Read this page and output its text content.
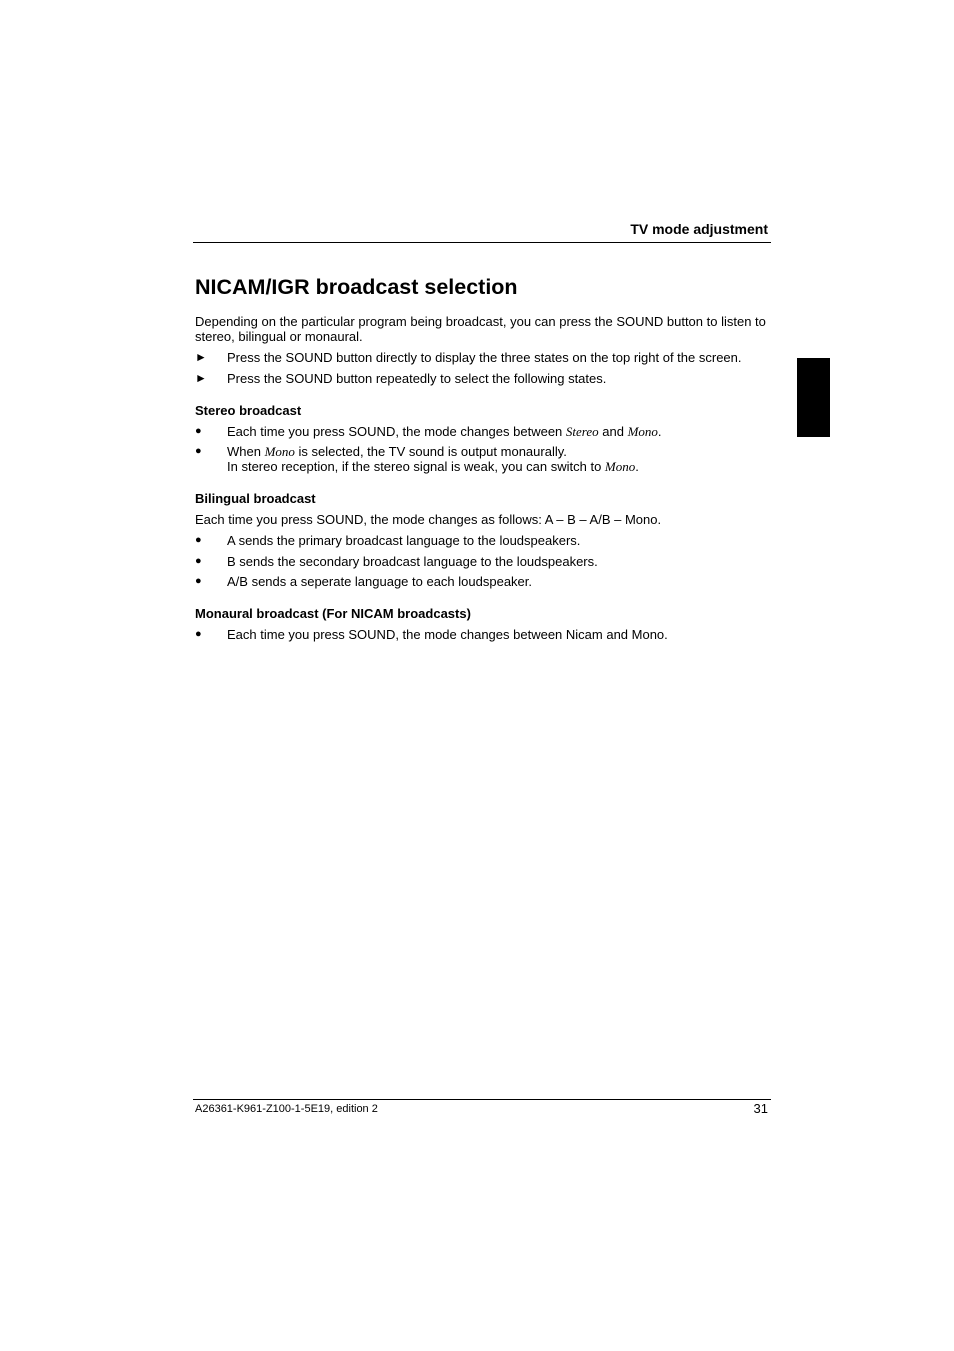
TV mode adjustment
NICAM/IGR broadcast selection

Depending on the particular program being broadcast, you can press the SOUND button to listen to stereo, bilingual or monaural.

►	Press the SOUND button directly to display the three states on the top right of the screen.
►	Press the SOUND button repeatedly to select the following states.
Stereo broadcast
●	Each time you press SOUND, the mode changes between Stereo and Mono.
●	When Mono is selected, the TV sound is output monaurally.
In stereo reception, if the stereo signal is weak, you can switch to Mono.
Bilingual broadcast

Each time you press SOUND, the mode changes as follows: A – B – A/B – Mono.

●	A sends the primary broadcast language to the loudspeakers.
●	B sends the secondary broadcast language to the loudspeakers.
●	A/B sends a seperate language to each loudspeaker.
Monaural broadcast (For NICAM broadcasts)
●	Each time you press SOUND, the mode changes between Nicam and Mono.
A26361-K961-Z100-1-5E19, edition 2	31
